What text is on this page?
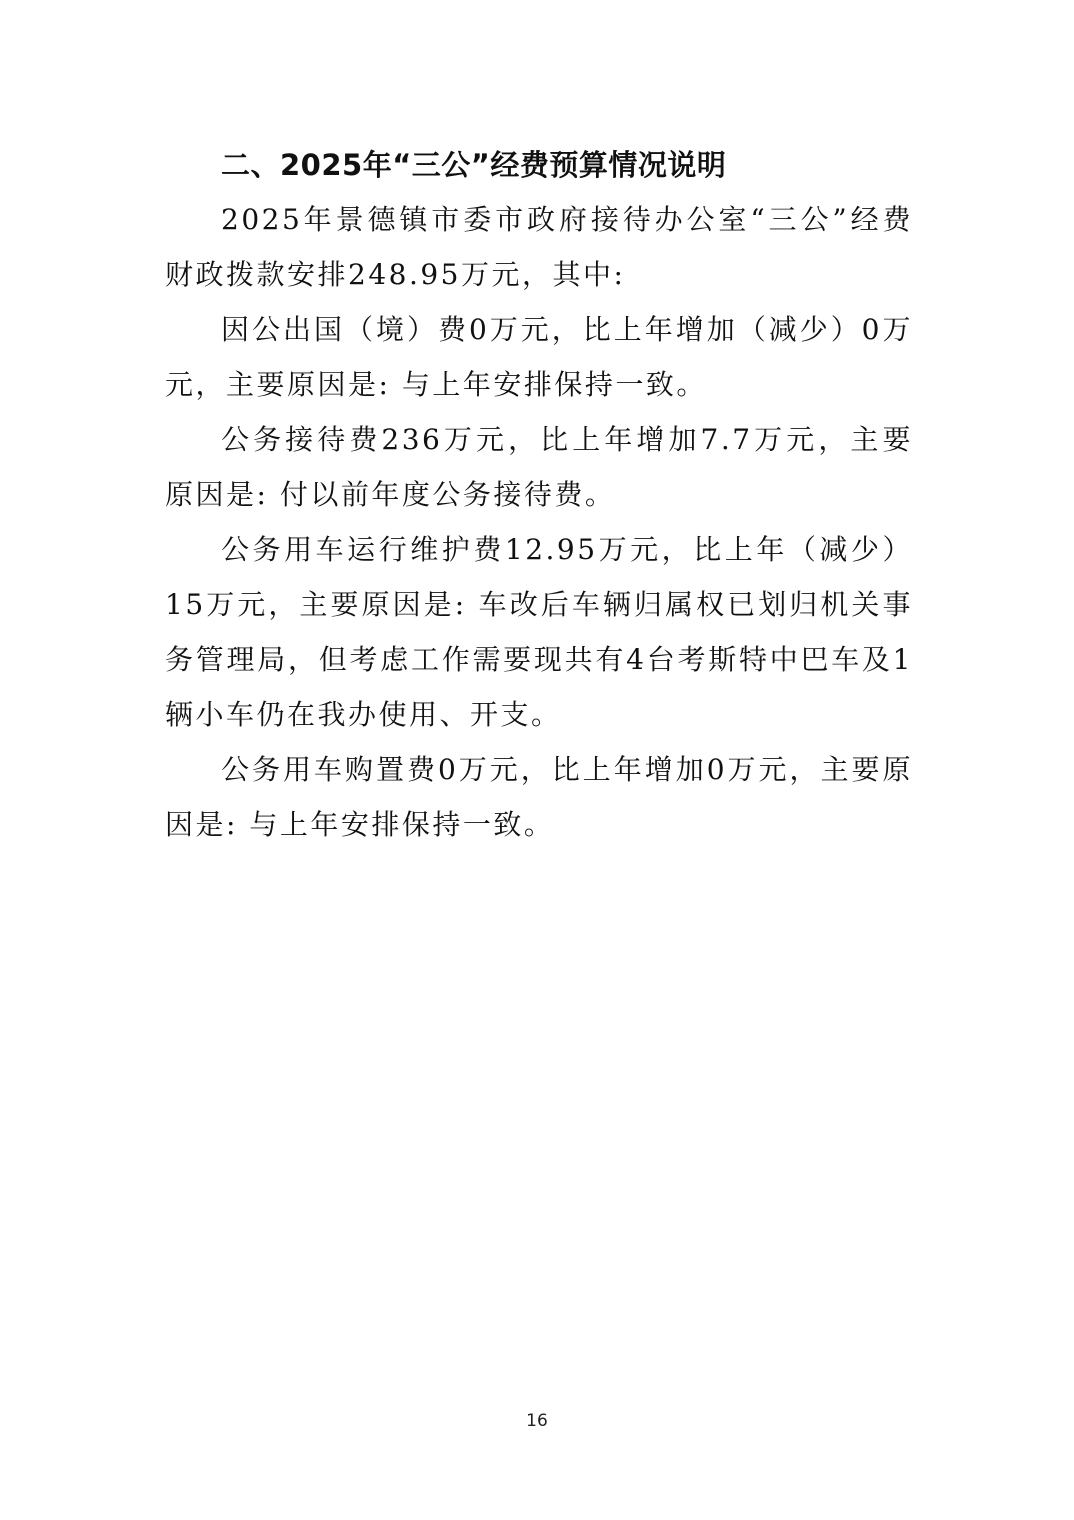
二、2025年“三公”经费预算情况说明

2025年景德镇市委市政府接待办公室“三公”经费财政拨款安排248.95万元，其中:

因公出国（境）费0万元，比上年增加（减少）0万元，主要原因是: 与上年安排保持一致。

公务接待费236万元，比上年增加7.7万元，主要原因是: 付以前年度公务接待费。

公务用车运行维护费12.95万元，比上年（减少）15万元，主要原因是: 车改后车辆归属权已划归机关事务管理局，但考虑工作需要现共有4台考斯特中巴车及1辆小车仍在我办使用、开支。

公务用车购置费0万元，比上年增加0万元，主要原因是: 与上年安排保持一致。

16
